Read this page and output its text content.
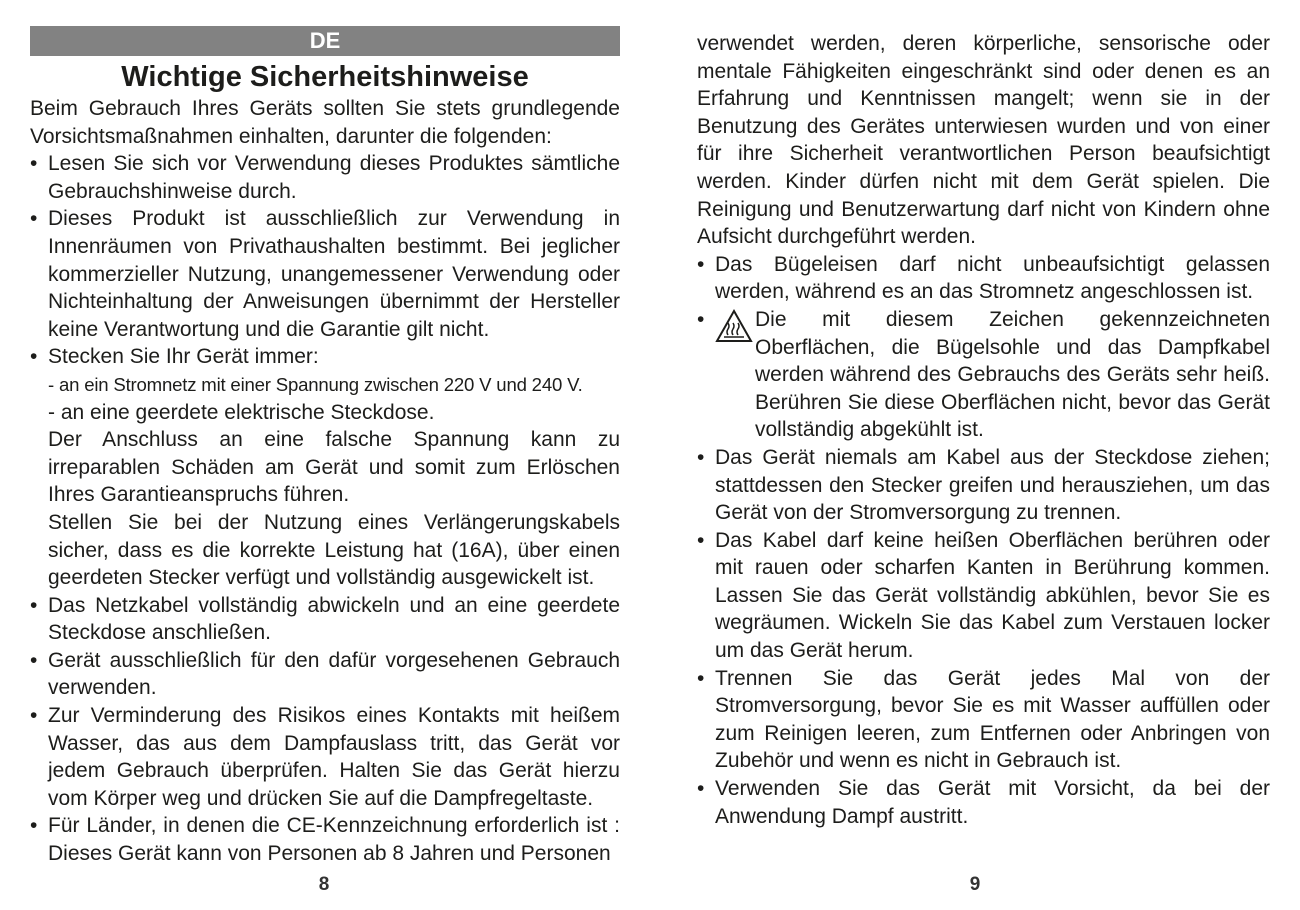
DE
Wichtige Sicherheitshinweise

Beim Gebrauch Ihres Geräts sollten Sie stets grundlegende Vorsichtsmaßnahmen einhalten, darunter die folgenden:

• Lesen Sie sich vor Verwendung dieses Produktes sämtliche Gebrauchshinweise durch.

• Dieses Produkt ist ausschließlich zur Verwendung in Innenräumen von Privathaushalten bestimmt. Bei jeglicher kommerzieller Nutzung, unangemessener Verwendung oder Nichteinhaltung der Anweisungen übernimmt der Hersteller keine Verantwortung und die Garantie gilt nicht.

• Stecken Sie Ihr Gerät immer:

- an ein Stromnetz mit einer Spannung zwischen 220 V und 240 V.

- an eine geerdete elektrische Steckdose.

Der Anschluss an eine falsche Spannung kann zu irreparablen Schäden am Gerät und somit zum Erlöschen Ihres Garantieanspruchs führen.

Stellen Sie bei der Nutzung eines Verlängerungskabels sicher, dass es die korrekte Leistung hat (16A), über einen geerdeten Stecker verfügt und vollständig ausgewickelt ist.

• Das Netzkabel vollständig abwickeln und an eine geerdete Steckdose anschließen.

• Gerät ausschließlich für den dafür vorgesehenen Gebrauch verwenden.

• Zur Verminderung des Risikos eines Kontakts mit heißem Wasser, das aus dem Dampfauslass tritt, das Gerät vor jedem Gebrauch überprüfen. Halten Sie das Gerät hierzu vom Körper weg und drücken Sie auf die Dampfregeltaste.

• Für Länder, in denen die CE-Kennzeichnung erforderlich ist : Dieses Gerät kann von Personen ab 8 Jahren und Personen

verwendet werden, deren körperliche, sensorische oder mentale Fähigkeiten eingeschränkt sind oder denen es an Erfahrung und Kenntnissen mangelt; wenn sie in der Benutzung des Gerätes unterwiesen wurden und von einer für ihre Sicherheit verantwortlichen Person beaufsichtigt werden. Kinder dürfen nicht mit dem Gerät spielen. Die Reinigung und Benutzerwartung darf nicht von Kindern ohne Aufsicht durchgeführt werden.

• Das Bügeleisen darf nicht unbeaufsichtigt gelassen werden, während es an das Stromnetz angeschlossen ist.

• Die mit diesem Zeichen gekennzeichneten Oberflächen, die Bügelsohle und das Dampfkabel werden während des Gebrauchs des Geräts sehr heiß. Berühren Sie diese Oberflächen nicht, bevor das Gerät vollständig abgekühlt ist.

• Das Gerät niemals am Kabel aus der Steckdose ziehen; stattdessen den Stecker greifen und herausziehen, um das Gerät von der Stromversorgung zu trennen.

• Das Kabel darf keine heißen Oberflächen berühren oder mit rauen oder scharfen Kanten in Berührung kommen. Lassen Sie das Gerät vollständig abkühlen, bevor Sie es wegräumen. Wickeln Sie das Kabel zum Verstauen locker um das Gerät herum.

• Trennen Sie das Gerät jedes Mal von der Stromversorgung, bevor Sie es mit Wasser auffüllen oder zum Reinigen leeren, zum Entfernen oder Anbringen von Zubehör und wenn es nicht in Gebrauch ist.

• Verwenden Sie das Gerät mit Vorsicht, da bei der Anwendung Dampf austritt.

8	9
